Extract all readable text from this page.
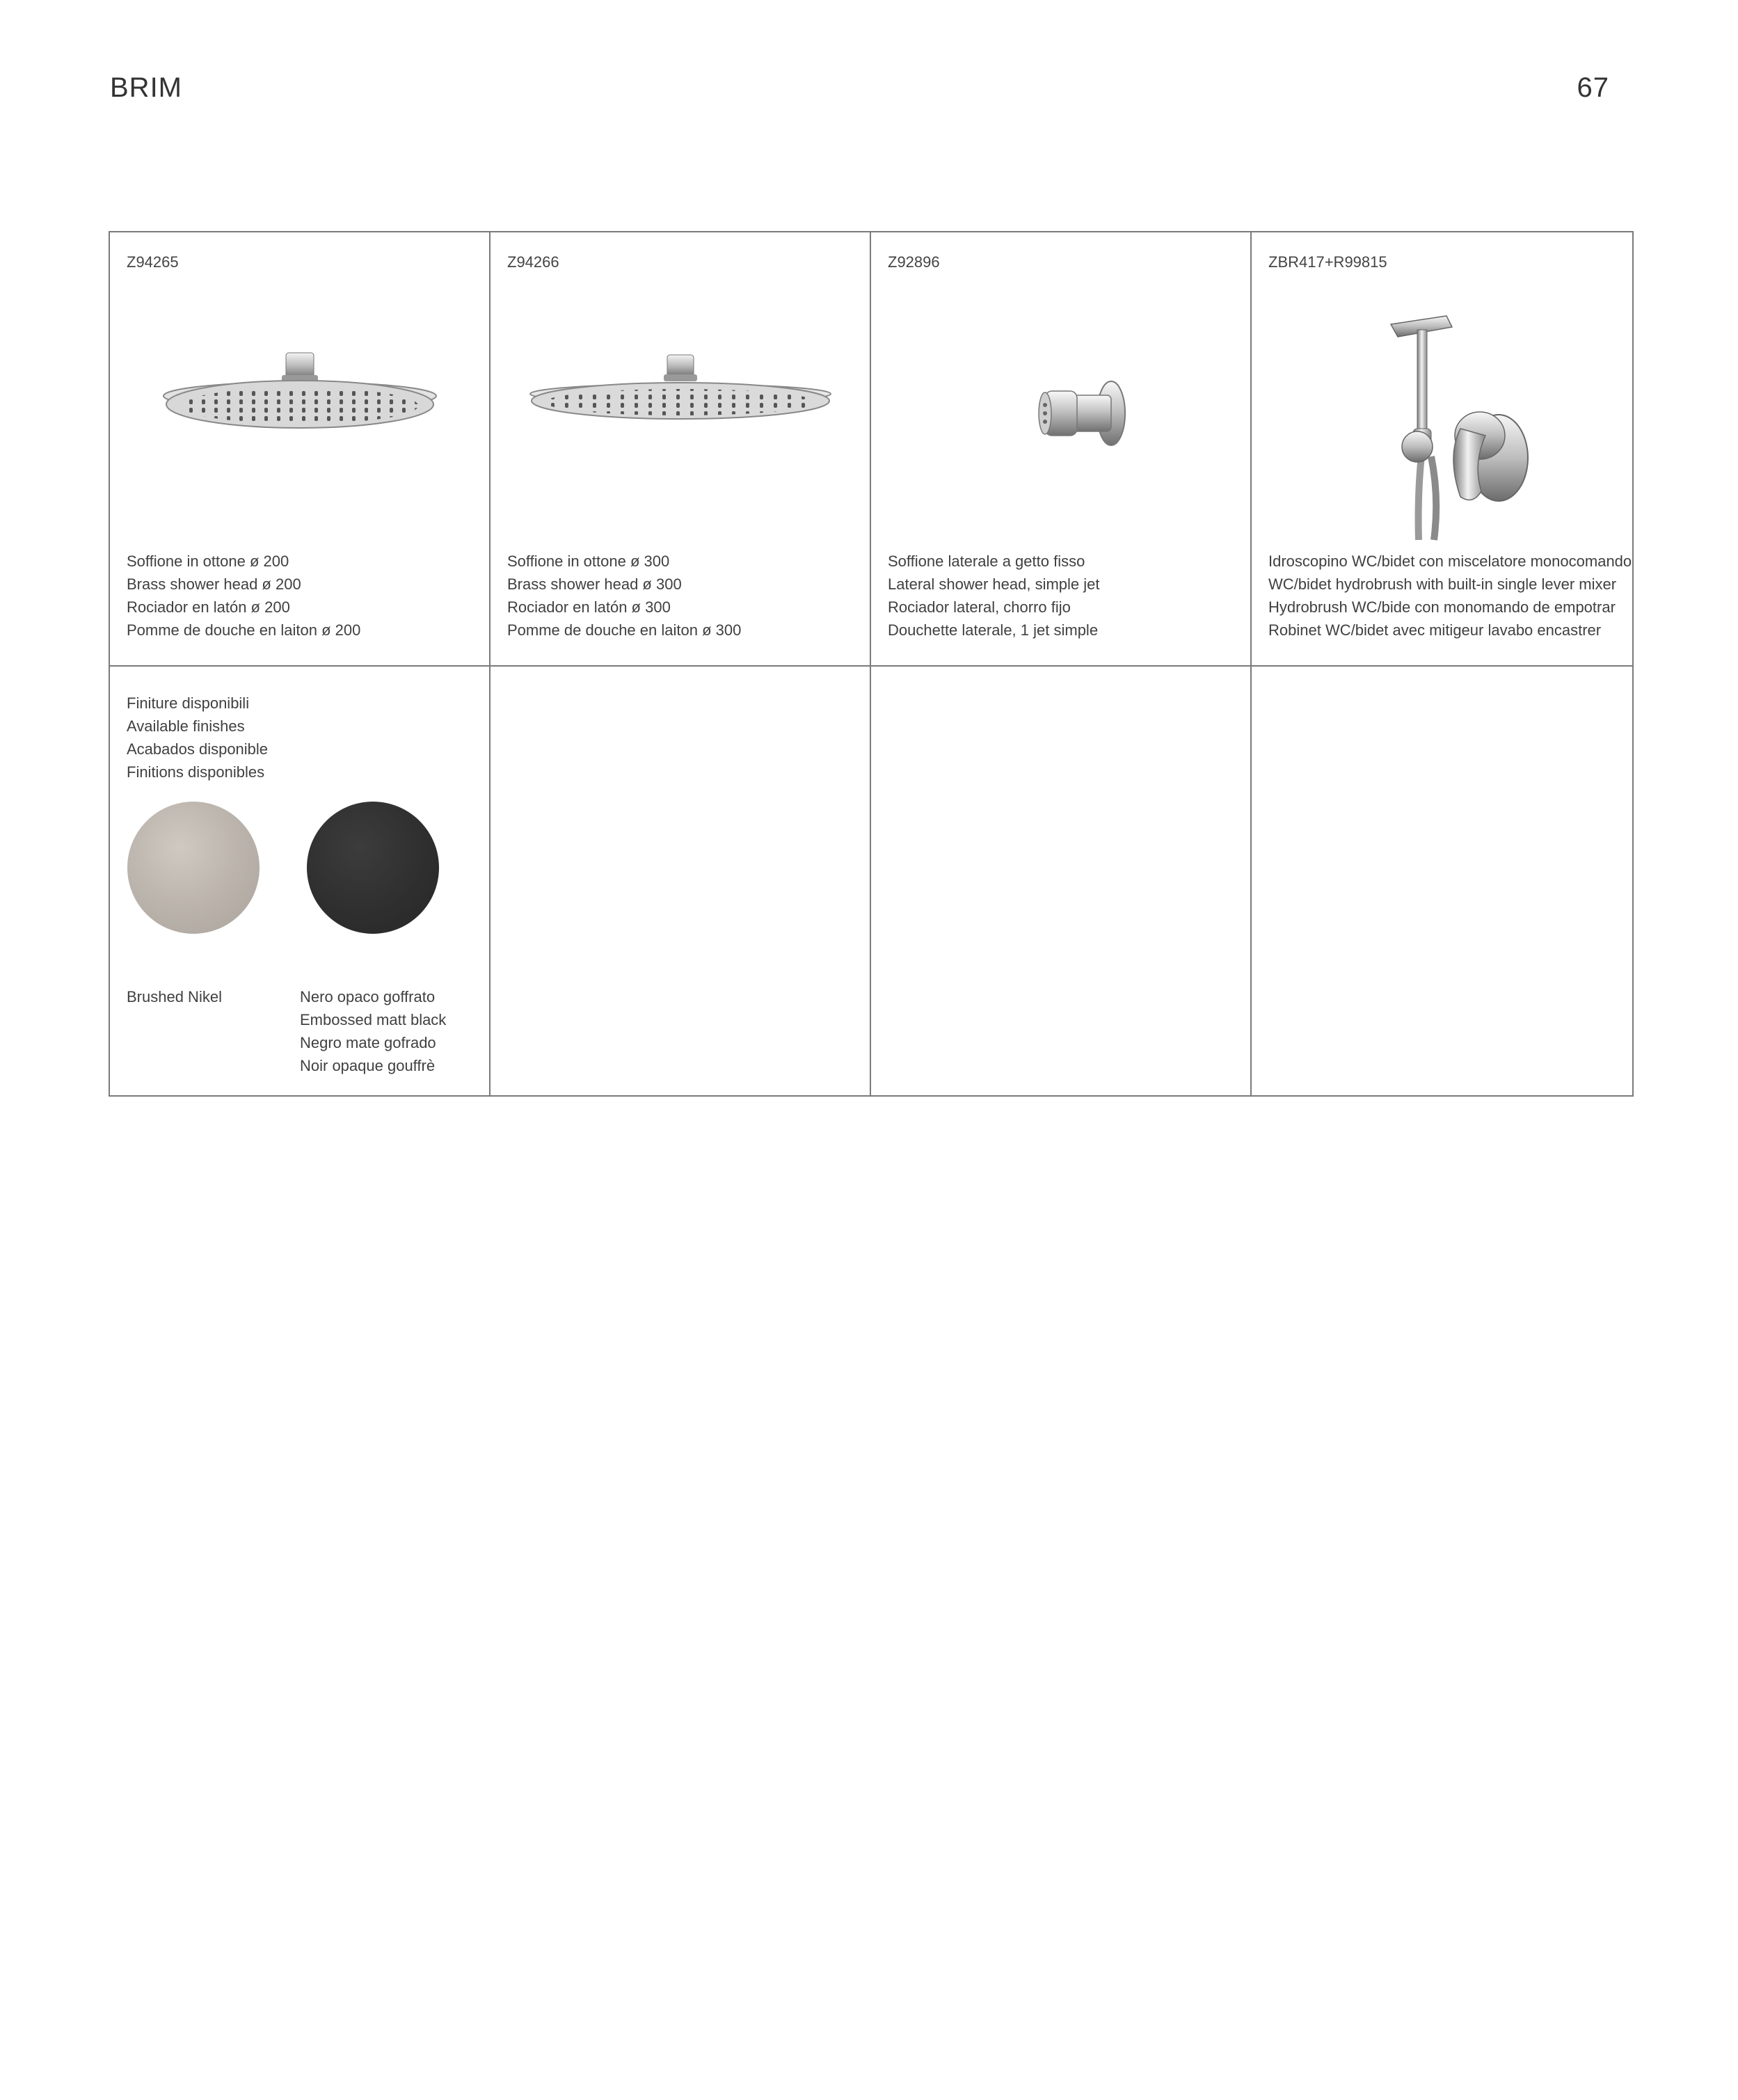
BRIM	67
Z94265
Soffione in ottone ø 200
Brass shower head ø 200
Rociador en latón ø 200
Pomme de douche en laiton ø 200
Z94266
Soffione in ottone ø 300
Brass shower head ø 300
Rociador en latón ø 300
Pomme de douche en laiton ø 300
Z92896
Soffione laterale a getto fisso
Lateral shower head, simple jet
Rociador lateral, chorro fijo
Douchette laterale, 1 jet simple
ZBR417+R99815
Idroscopino WC/bidet con miscelatore monocomando
WC/bidet hydrobrush with built-in single lever mixer
Hydrobrush WC/bide con monomando de empotrar
Robinet WC/bidet avec mitigeur lavabo encastrer
Finiture disponibili
Available finishes
Acabados disponible
Finitions disponibles
Brushed Nikel	Nero opaco goffrato
Embossed matt black
Negro mate gofrado
Noir opaque gouffrè
